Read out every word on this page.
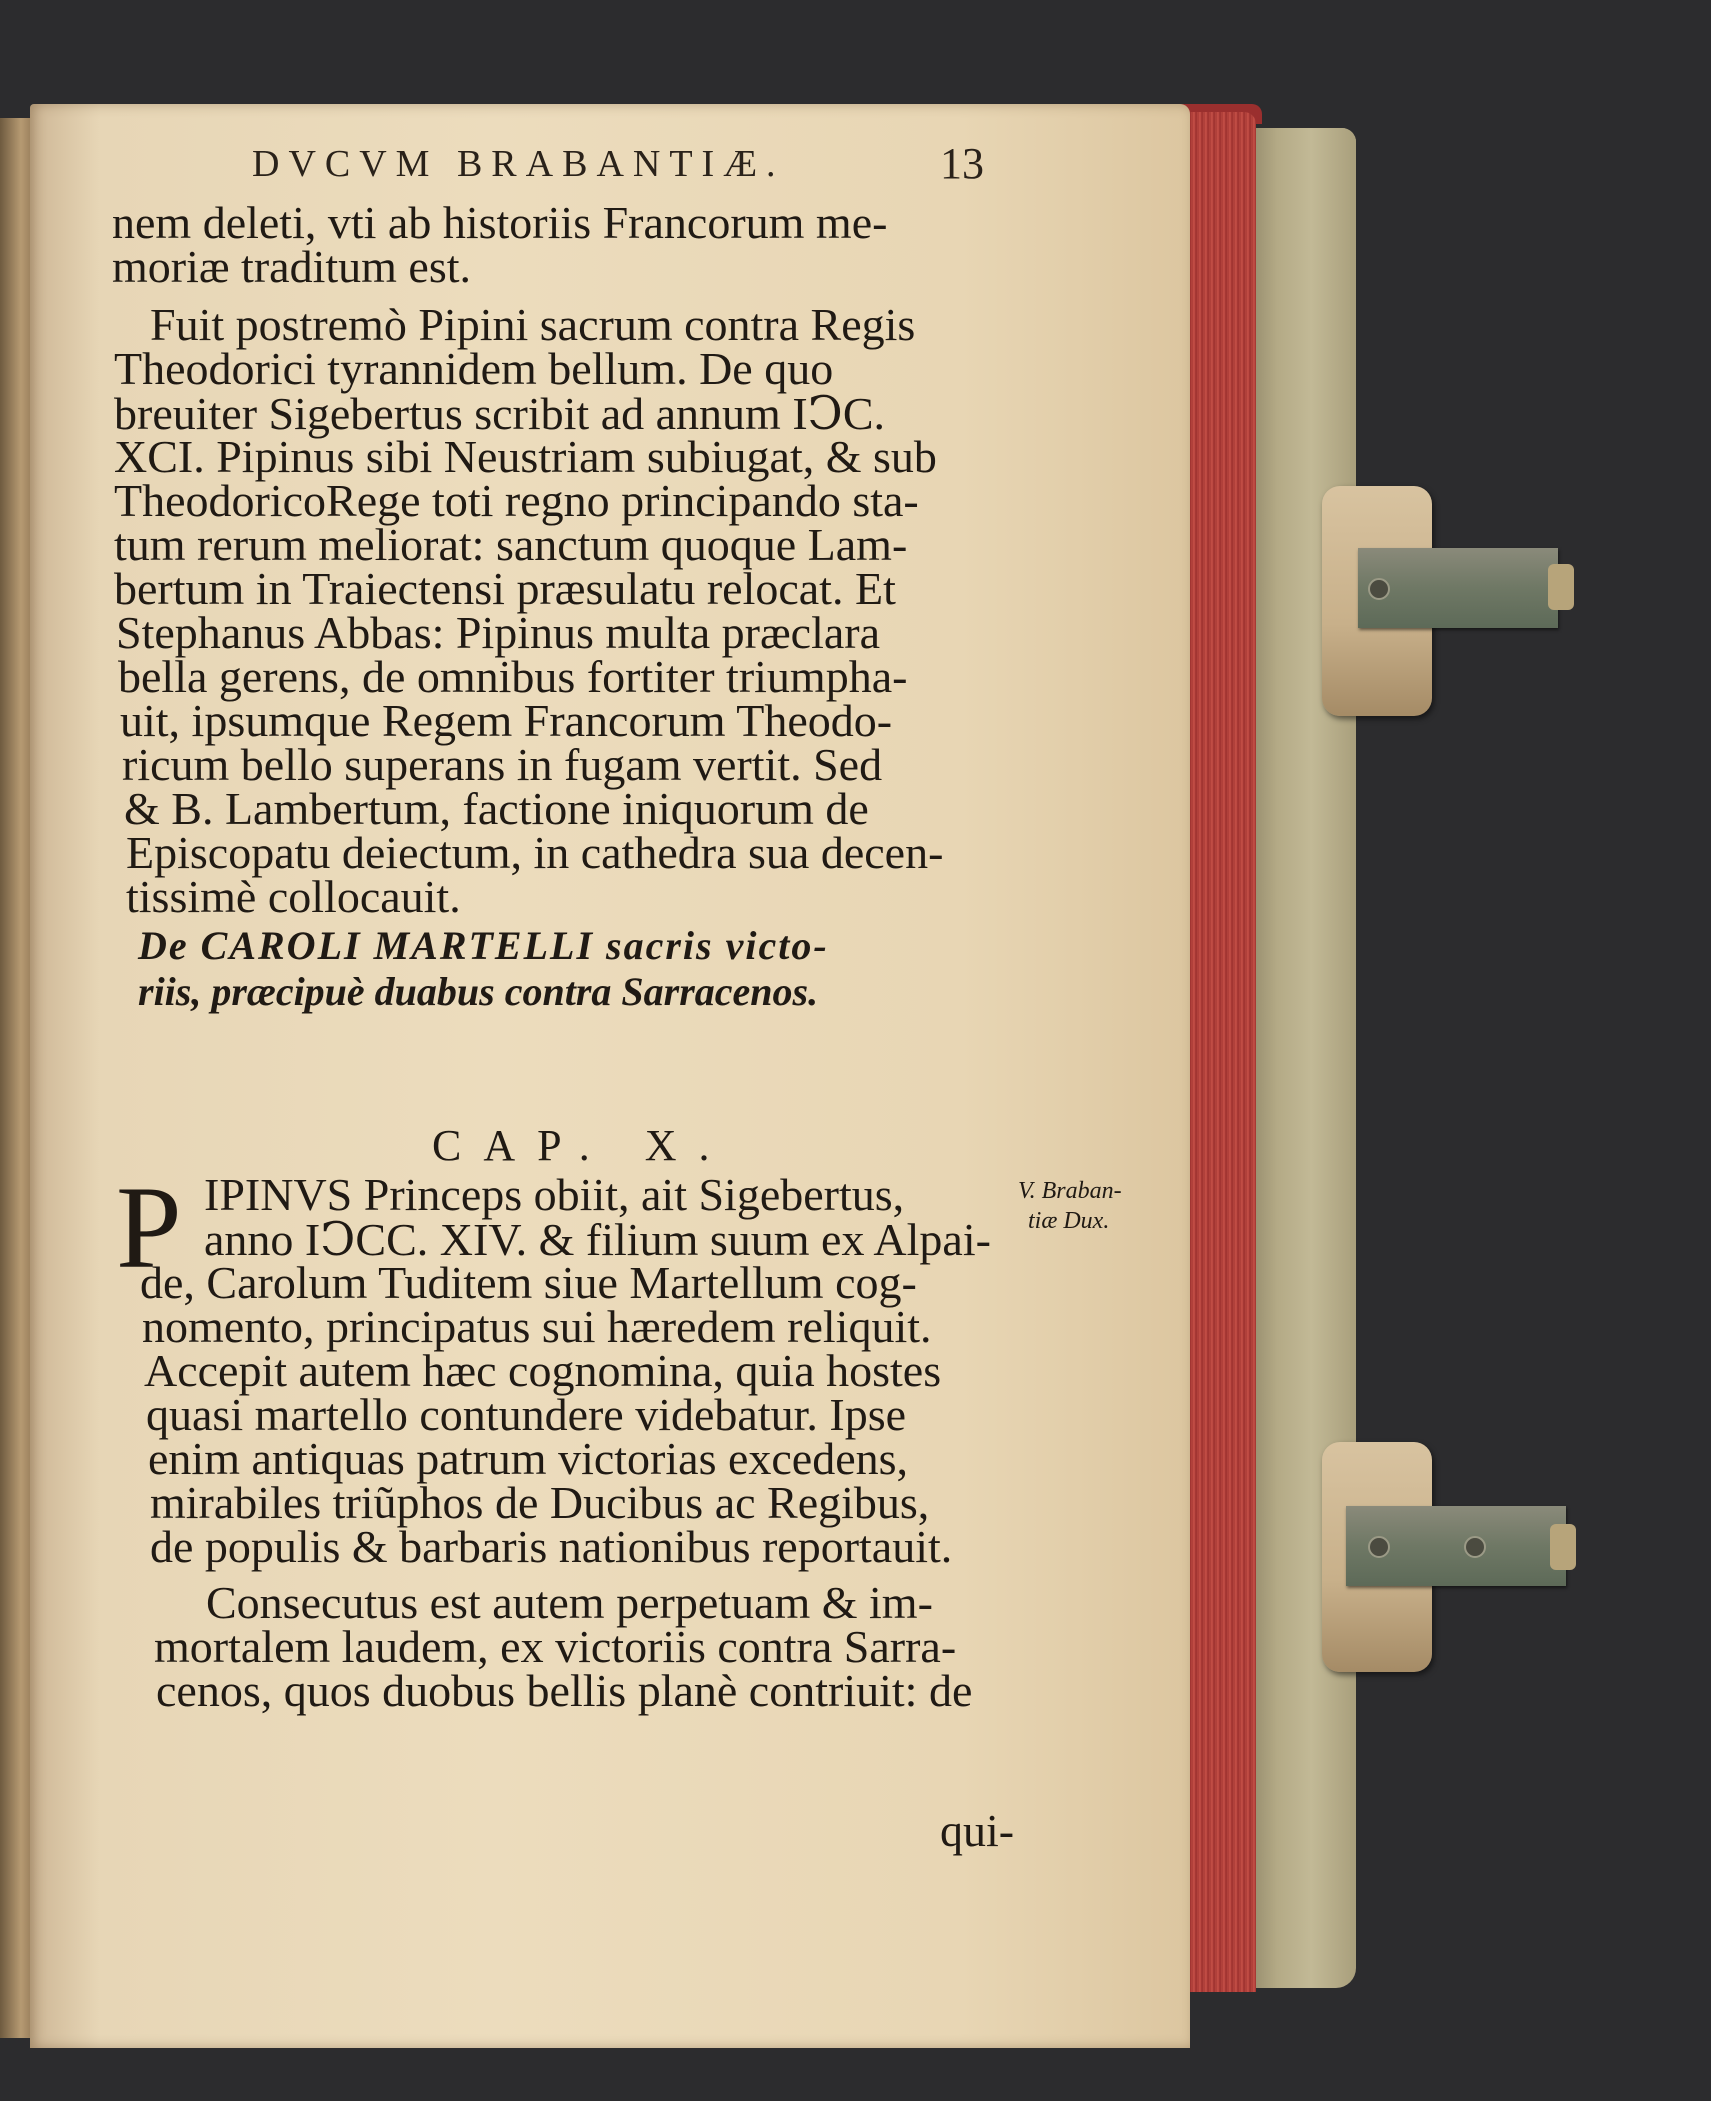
DVCVM BRABANTIÆ.	13
nem deleti, vti ab historiis Francorum me-
moriæ traditum est.
Fuit postremò Pipini sacrum contra Regis
Theodorici tyrannidem bellum. De quo
breuiter Sigebertus scribit ad annum IↃC.
XCI. Pipinus sibi Neustriam subiugat, & sub
TheodoricoRege toti regno principando sta-
tum rerum meliorat: sanctum quoque Lam-
bertum in Traiectensi præsulatu relocat. Et
Stephanus Abbas: Pipinus multa præclara
bella gerens, de omnibus fortiter triumpha-
uit, ipsumque Regem Francorum Theodo-
ricum bello superans in fugam vertit. Sed
& B. Lambertum, factione iniquorum de
Episcopatu deiectum, in cathedra sua decen-
tissimè collocauit.
De CAROLI MARTELLI sacris victo-
riis, præcipuè duabus contra Sarracenos.
CAP. X.
P IPINVS Princeps obiit, ait Sigebertus,
anno IↃCC. XIV. & filium suum ex Alpai-
de, Carolum Tuditem siue Martellum cog-
nomento, principatus sui hæredem reliquit.
Accepit autem hæc cognomina, quia hostes
quasi martello contundere videbatur. Ipse
enim antiquas patrum victorias excedens,
mirabiles triũphos de Ducibus ac Regibus,
de populis & barbaris nationibus reportauit.
Consecutus est autem perpetuam & im-
mortalem laudem, ex victoriis contra Sarra-
cenos, quos duobus bellis planè contriuit: de
qui-
V. Braban-
tiæ Dux.
